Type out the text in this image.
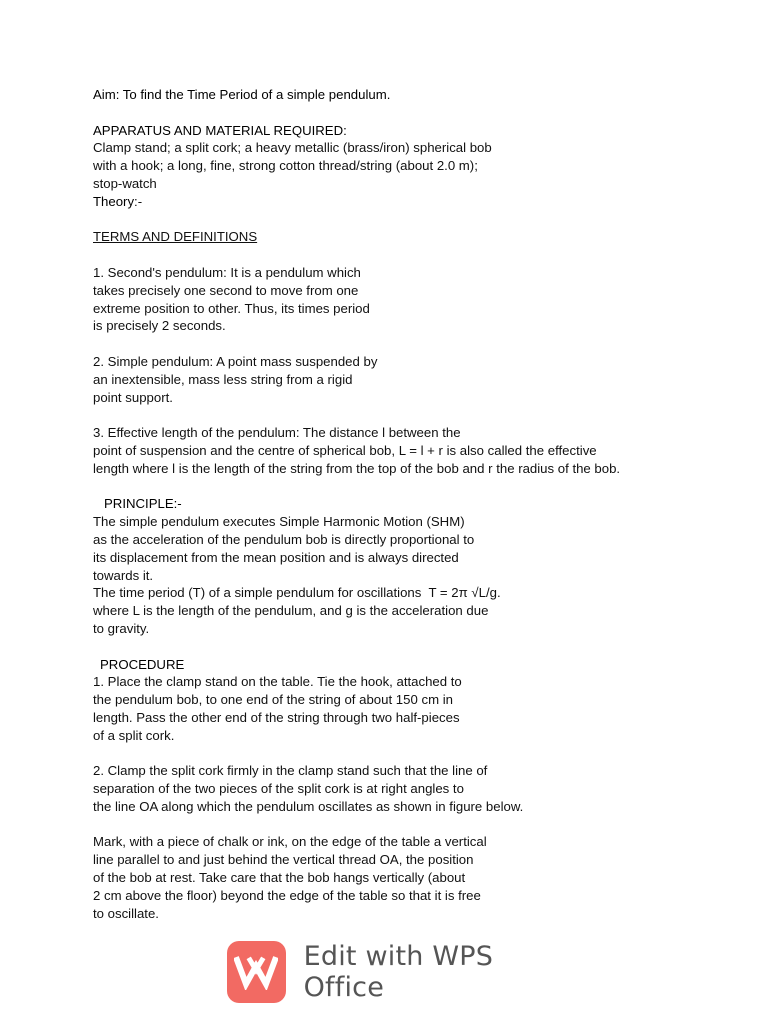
Aim: To find the Time Period of a simple pendulum.
APPARATUS AND MATERIAL REQUIRED:
Clamp stand; a split cork; a heavy metallic (brass/iron) spherical bob
with a hook; a long, fine, strong cotton thread/string (about 2.0 m);
stop-watch
Theory:-
TERMS AND DEFINITIONS
1. Second's pendulum: It is a pendulum which
takes precisely one second to move from one
extreme position to other. Thus, its times period
is precisely 2 seconds.
2. Simple pendulum: A point mass suspended by
an inextensible, mass less string from a rigid
point support.
3. Effective length of the pendulum: The distance l between the
point of suspension and the centre of spherical bob, L = l + r is also called the effective
length where l is the length of the string from the top of the bob and r the radius of the bob.
PRINCIPLE:-
The simple pendulum executes Simple Harmonic Motion (SHM)
as the acceleration of the pendulum bob is directly proportional to
its displacement from the mean position and is always directed
towards it.
The time period (T) of a simple pendulum for oscillations  T = 2π √L/g.
where L is the length of the pendulum, and g is the acceleration due
to gravity.
PROCEDURE
1. Place the clamp stand on the table. Tie the hook, attached to
the pendulum bob, to one end of the string of about 150 cm in
length. Pass the other end of the string through two half-pieces
of a split cork.
2. Clamp the split cork firmly in the clamp stand such that the line of
separation of the two pieces of the split cork is at right angles to
the line OA along which the pendulum oscillates as shown in figure below.
Mark, with a piece of chalk or ink, on the edge of the table a vertical
line parallel to and just behind the vertical thread OA, the position
of the bob at rest. Take care that the bob hangs vertically (about
2 cm above the floor) beyond the edge of the table so that it is free
to oscillate.
Edit with WPS Office
